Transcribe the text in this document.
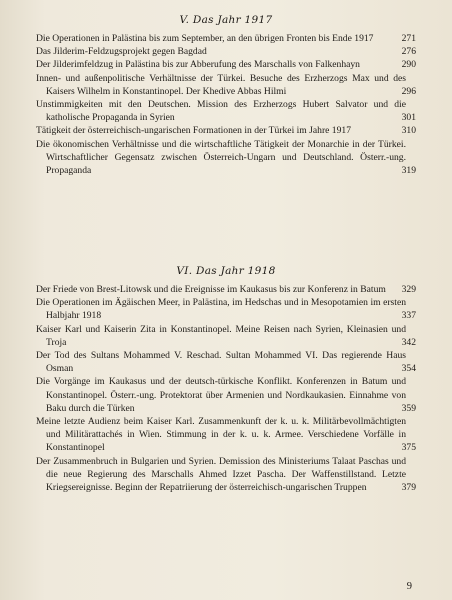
V. Das Jahr 1917
Die Operationen in Palästina bis zum September, an den übrigen Fronten bis Ende 1917	271
Das Jilderim-Feldzugsprojekt gegen Bagdad	276
Der Jilderimfeldzug in Palästina bis zur Abberufung des Marschalls von Falkenhayn	290
Innen- und außenpolitische Verhältnisse der Türkei. Besuche des Erzherzogs Max und des Kaisers Wilhelm in Konstantinopel. Der Khedive Abbas Hilmi	296
Unstimmigkeiten mit den Deutschen. Mission des Erzherzogs Hubert Salvator und die katholische Propaganda in Syrien	301
Tätigkeit der österreichisch-ungarischen Formationen in der Türkei im Jahre 1917	310
Die ökonomischen Verhältnisse und die wirtschaftliche Tätigkeit der Monarchie in der Türkei. Wirtschaftlicher Gegensatz zwischen Österreich-Ungarn und Deutschland. Österr.-ung. Propaganda	319
VI. Das Jahr 1918
Der Friede von Brest-Litowsk und die Ereignisse im Kaukasus bis zur Konferenz in Batum 329
Die Operationen im Ägäischen Meer, in Palästina, im Hedschas und in Mesopotamien im ersten Halbjahr 1918	337
Kaiser Karl und Kaiserin Zita in Konstantinopel. Meine Reisen nach Syrien, Kleinasien und Troja	342
Der Tod des Sultans Mohammed V. Reschad. Sultan Mohammed VI. Das regierende Haus Osman	354
Die Vorgänge im Kaukasus und der deutsch-türkische Konflikt. Konferenzen in Batum und Konstantinopel. Österr.-ung. Protektorat über Armenien und Nordkaukasien. Einnahme von Baku durch die Türken	359
Meine letzte Audienz beim Kaiser Karl. Zusammenkunft der k. u. k. Militärbevollmächtigten und Militärattachés in Wien. Stimmung in der k. u. k. Armee. Verschiedene Vorfälle in Konstantinopel	375
Der Zusammenbruch in Bulgarien und Syrien. Demission des Ministeriums Talaat Paschas und die neue Regierung des Marschalls Ahmed Izzet Pascha. Der Waffenstillstand. Letzte Kriegsereignisse. Beginn der Repatriierung der österreichisch-ungarischen Truppen	379
9
